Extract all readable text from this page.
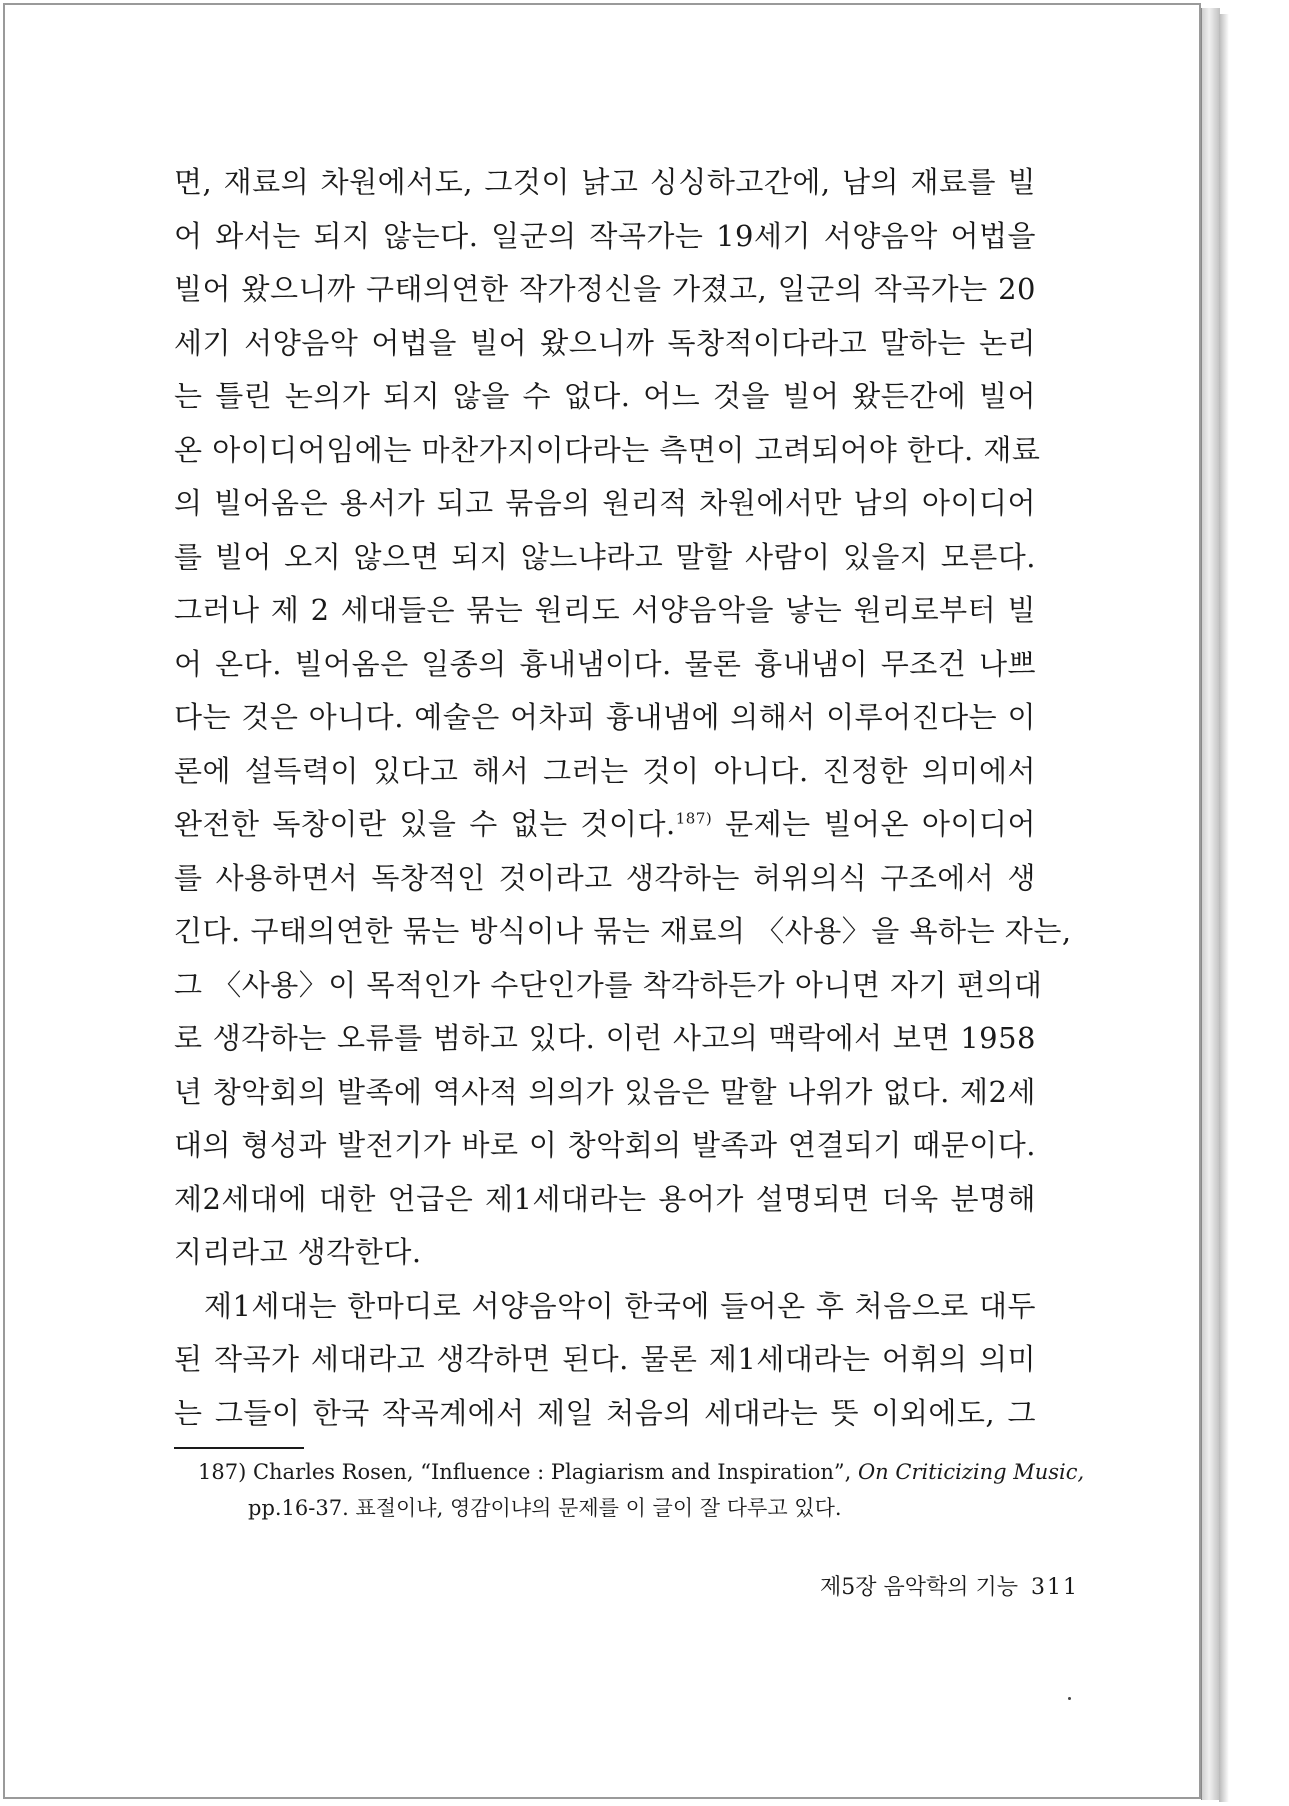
면, 재료의 차원에서도, 그것이 낡고 싱싱하고간에, 남의 재료를 빌
어 와서는 되지 않는다. 일군의 작곡가는 19세기 서양음악 어법을
빌어 왔으니까 구태의연한 작가정신을 가졌고, 일군의 작곡가는 20
세기 서양음악 어법을 빌어 왔으니까 독창적이다라고 말하는 논리
는 틀린 논의가 되지 않을 수 없다. 어느 것을 빌어 왔든간에 빌어
온 아이디어임에는 마찬가지이다라는 측면이 고려되어야 한다. 재료
의 빌어옴은 용서가 되고 묶음의 원리적 차원에서만 남의 아이디어
를 빌어 오지 않으면 되지 않느냐라고 말할 사람이 있을지 모른다.
그러나 제 2 세대들은 묶는 원리도 서양음악을 낳는 원리로부터 빌
어 온다. 빌어옴은 일종의 흉내냄이다. 물론 흉내냄이 무조건 나쁘
다는 것은 아니다. 예술은 어차피 흉내냄에 의해서 이루어진다는 이
론에 설득력이 있다고 해서 그러는 것이 아니다. 진정한 의미에서
완전한 독창이란 있을 수 없는 것이다.$^{187)}$ 문제는 빌어온 아이디어
를 사용하면서 독창적인 것이라고 생각하는 허위의식 구조에서 생
긴다. 구태의연한 묶는 방식이나 묶는 재료의 〈사용〉을 욕하는 자는,
그 〈사용〉이 목적인가 수단인가를 착각하든가 아니면 자기 편의대
로 생각하는 오류를 범하고 있다. 이런 사고의 맥락에서 보면 1958
년 창악회의 발족에 역사적 의의가 있음은 말할 나위가 없다. 제2세
대의 형성과 발전기가 바로 이 창악회의 발족과 연결되기 때문이다.
제2세대에 대한 언급은 제1세대라는 용어가 설명되면 더욱 분명해
지리라고 생각한다.
제1세대는 한마디로 서양음악이 한국에 들어온 후 처음으로 대두
된 작곡가 세대라고 생각하면 된다. 물론 제1세대라는 어휘의 의미
는 그들이 한국 작곡계에서 제일 처음의 세대라는 뜻 이외에도, 그
187) Charles Rosen, “Influence : Plagiarism and Inspiration”, On Criticizing Music,
pp.16-37. 표절이냐, 영감이냐의 문제를 이 글이 잘 다루고 있다.
제5장 음악학의 기능 311
